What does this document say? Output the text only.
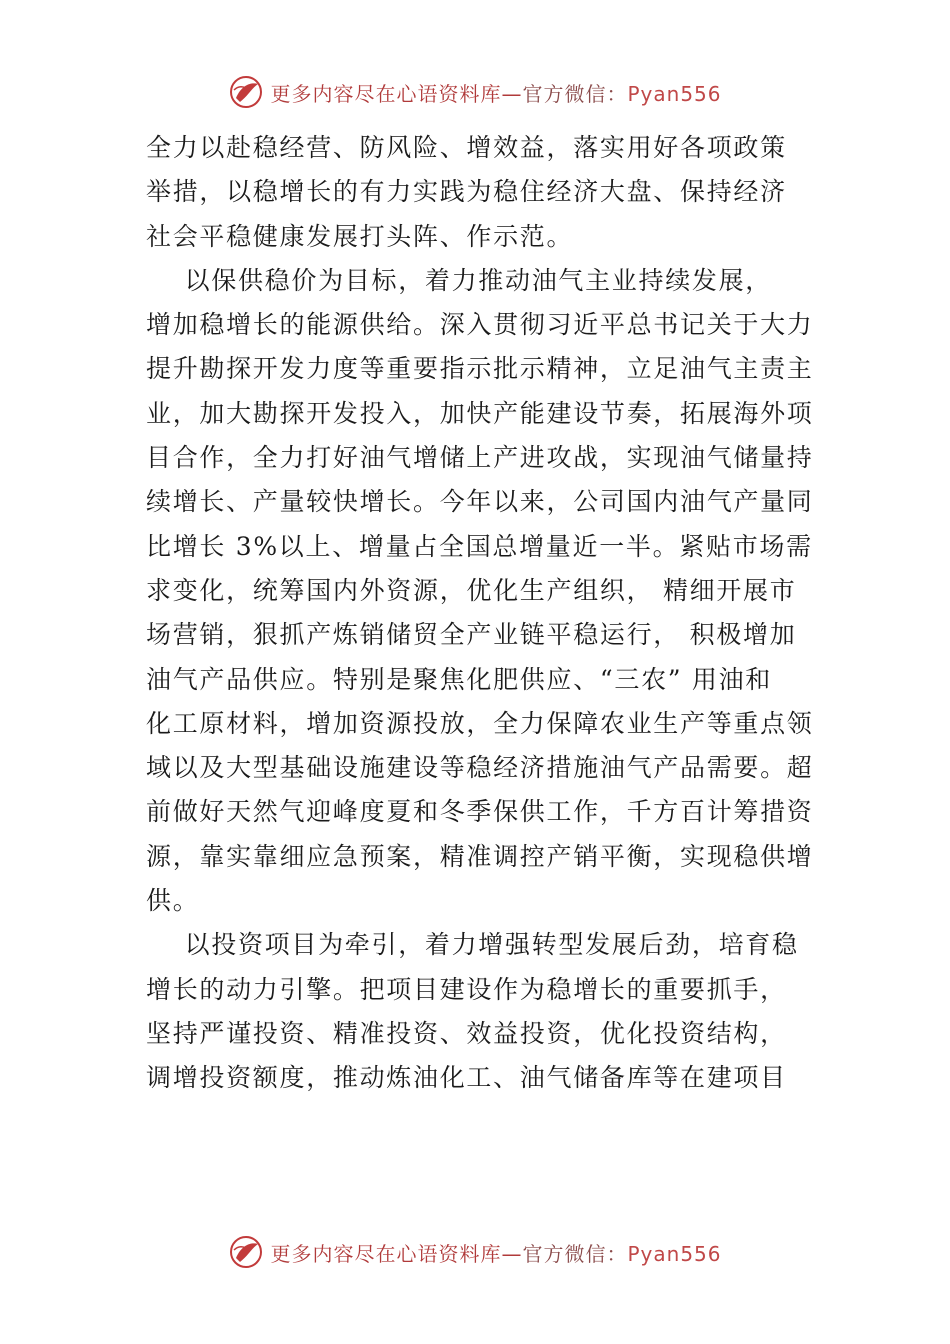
更多内容尽在心语资料库—官方微信：Pyan556
全力以赴稳经营、防风险、增效益，落实用好各项政策
举措，以稳增长的有力实践为稳住经济大盘、保持经济
社会平稳健康发展打头阵、作示范。
以保供稳价为目标，着力推动油气主业持续发展，
增加稳增长的能源供给。深入贯彻习近平总书记关于大力
提升勘探开发力度等重要指示批示精神，立足油气主责主
业，加大勘探开发投入，加快产能建设节奏，拓展海外项
目合作，全力打好油气增储上产进攻战，实现油气储量持
续增长、产量较快增长。今年以来，公司国内油气产量同
比增长 3%以上、增量占全国总增量近一半。紧贴市场需
求变化，统筹国内外资源，优化生产组织， 精细开展市
场营销，狠抓产炼销储贸全产业链平稳运行， 积极增加
油气产品供应。特别是聚焦化肥供应、“三农” 用油和
化工原材料，增加资源投放，全力保障农业生产等重点领
域以及大型基础设施建设等稳经济措施油气产品需要。超
前做好天然气迎峰度夏和冬季保供工作，千方百计筹措资
源，靠实靠细应急预案，精准调控产销平衡，实现稳供增
供。
以投资项目为牵引，着力增强转型发展后劲，培育稳
增长的动力引擎。把项目建设作为稳增长的重要抓手，
坚持严谨投资、精准投资、效益投资，优化投资结构，
调增投资额度，推动炼油化工、油气储备库等在建项目
更多内容尽在心语资料库—官方微信：Pyan556
